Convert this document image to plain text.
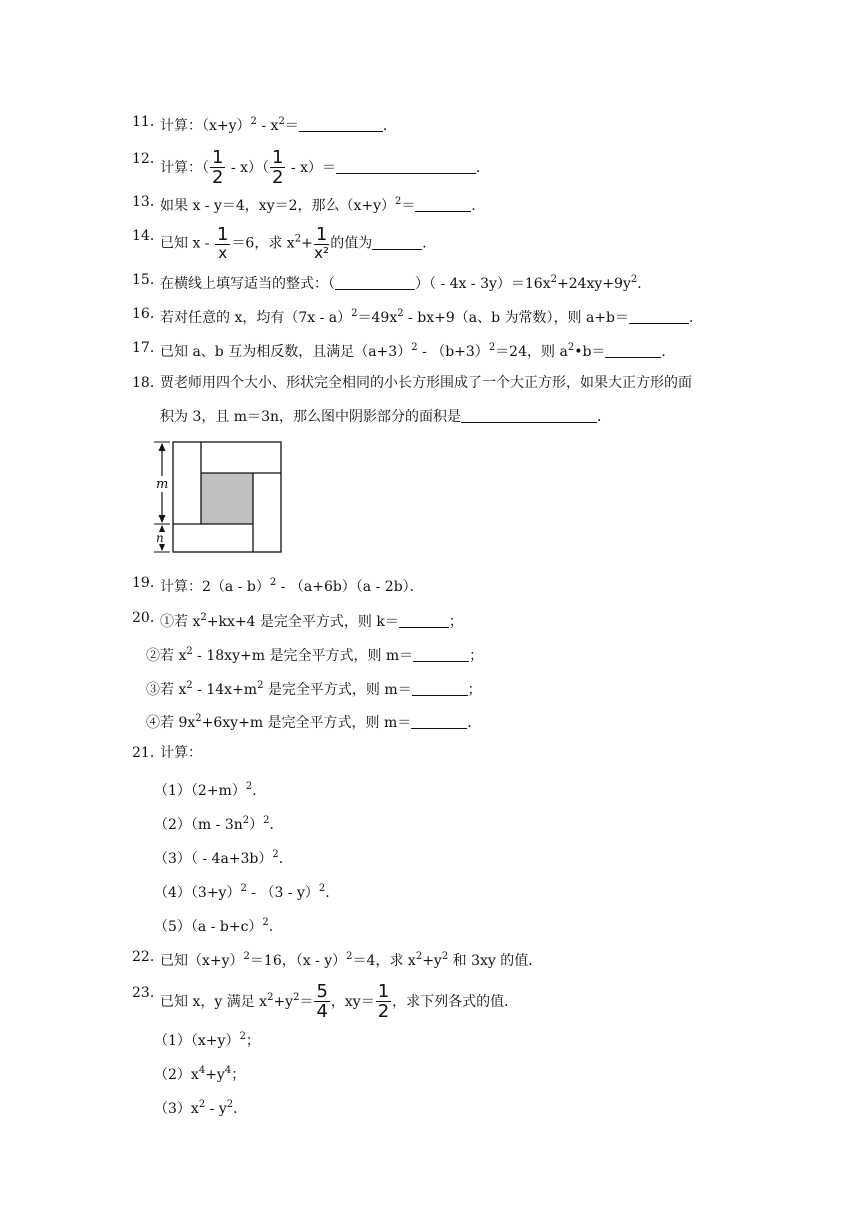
11．
计算：$(x+y)^2 - x^2=$	．
12．
计算：（ $\frac{1}{2} - x)( \frac{1}{2} - x)=$	．
13．
如果 x - y＝4，xy＝2，那么$(x+y)^2=$	．
14．
已知 x - 1
x
＝6，求 $x^2+ 1$
x²
的值为	．
15．
在横线上填写适当的整式：（	）（ - $4x - 3y)=16x^2+24xy+9y^2$．
16．
若对任意的 x，均有$(7x - a)^2=49x^2 - bx+9(a$、b 为常数），则 a+b＝	．
17．
已知 a、b 互为相反数，且满足$(a+3)^2 - (b+3)^2=24$，则 $a^2•b=$	．
18．
贾老师用四个大小、形状完全相同的小长方形围成了一个大正方形，如果大正方形的面
积为 3，且 m＝3n，那么图中阴影部分的面积是	．
m
n
19．
计算：2（a - b）$^2$ - （a+6b）（a - 2b）．
20．
①若 $x^2+kx+4$ 是完全平方式，则 k＝	；
②若 $x^2 - 18xy+m$ 是完全平方式，则 m＝	；
③若 $x^2 - 14x+m^2$ 是完全平方式，则 m＝	；
④若 $9x^2+6xy+m$ 是完全平方式，则 m＝	．
21．
计算：
$(1)(2+m)^2$．
$(2)(m - 3n^2)^2$．
$(3)( - 4a+3b)^2$．
$(4)(3+y)^2 - (3 - y)^2$．
$(5)(a - b+c)^2$．
22．
已知$(x+y)^2=16$，（x - y）$^2$＝4，求 $x^2+y^2$ 和 3xy 的值．
23．
已知 x，y 满足 $x^2+y^2= \frac{5}{4}$ ，$xy= \frac{1}{2}$ ，求下列各式的值．
$(1)(x+y)^2$；
$(2)x^4+y^4$；
$(3)x^2 - y^2$．
